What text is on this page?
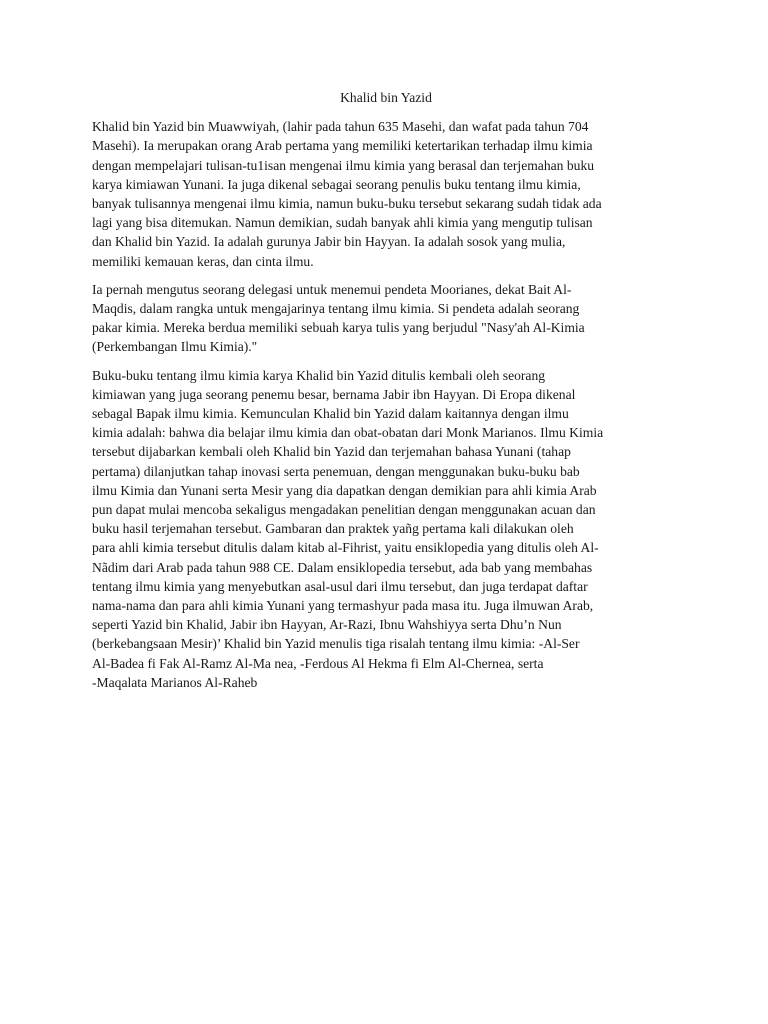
Khalid bin Yazid

Khalid bin Yazid bin Muawwiyah, (lahir pada tahun 635 Masehi, dan wafat pada tahun 704
Masehi). Ia merupakan orang Arab pertama yang memiliki ketertarikan terhadap ilmu kimia
dengan mempelajari tulisan-tu1isan mengenai ilmu kimia yang berasal dan terjemahan buku
karya kimiawan Yunani. Ia juga dikenal sebagai seorang penulis buku tentang ilmu kimia,
banyak tulisannya mengenai ilmu kimia, namun buku-buku tersebut sekarang sudah tidak ada
lagi yang bisa ditemukan. Namun demikian, sudah banyak ahli kimia yang mengutip tulisan
dan Khalid bin Yazid. Ia adalah gurunya Jabir bin Hayyan. Ia adalah sosok yang mulia,
memiliki kemauan keras, dan cinta ilmu.

Ia pernah mengutus seorang delegasi untuk menemui pendeta Moorianes, dekat Bait Al-
Maqdis, dalam rangka untuk mengajarinya tentang ilmu kimia. Si pendeta adalah seorang
pakar kimia. Mereka berdua memiliki sebuah karya tulis yang berjudul "Nasy'ah Al-Kimia
(Perkembangan Ilmu Kimia)."

Buku-buku tentang ilmu kimia karya Khalid bin Yazid ditulis kembali oleh seorang
kimiawan yang juga seorang penemu besar, bernama Jabir ibn Hayyan. Di Eropa dikenal
sebagal Bapak ilmu kimia. Kemunculan Khalid bin Yazid dalam kaitannya dengan ilmu
kimia adalah: bahwa dia belajar ilmu kimia dan obat-obatan dari Monk Marianos. Ilmu Kimia
tersebut dijabarkan kembali oleh Khalid bin Yazid dan terjemahan bahasa Yunani (tahap
pertama) dilanjutkan tahap inovasi serta penemuan, dengan menggunakan buku-buku bab
ilmu Kimia dan Yunani serta Mesir yang dia dapatkan dengan demikian para ahli kimia Arab
pun dapat mulai mencoba sekaligus mengadakan penelitian dengan menggunakan acuan dan
buku hasil terjemahan tersebut. Gambaran dan praktek yañg pertama kali dilakukan oleh
para ahli kimia tersebut ditulis dalam kitab al-Fihrist, yaitu ensiklopedia yang ditulis oleh Al-
Nãdim dari Arab pada tahun 988 CE. Dalam ensiklopedia tersebut, ada bab yang membahas
tentang ilmu kimia yang menyebutkan asal-usul dari ilmu tersebut, dan juga terdapat daftar
nama-nama dan para ahli kimia Yunani yang termashyur pada masa itu. Juga ilmuwan Arab,
seperti Yazid bin Khalid, Jabir ibn Hayyan, Ar-Razi, Ibnu Wahshiyya serta Dhu’n Nun
(berkebangsaan Mesir)’ Khalid bin Yazid menulis tiga risalah tentang ilmu kimia: -Al-Ser
Al-Badea fi Fak Al-Ramz Al-Ma nea, -Ferdous Al Hekma fi Elm Al-Chernea, serta
-Maqalata Marianos Al-Raheb
